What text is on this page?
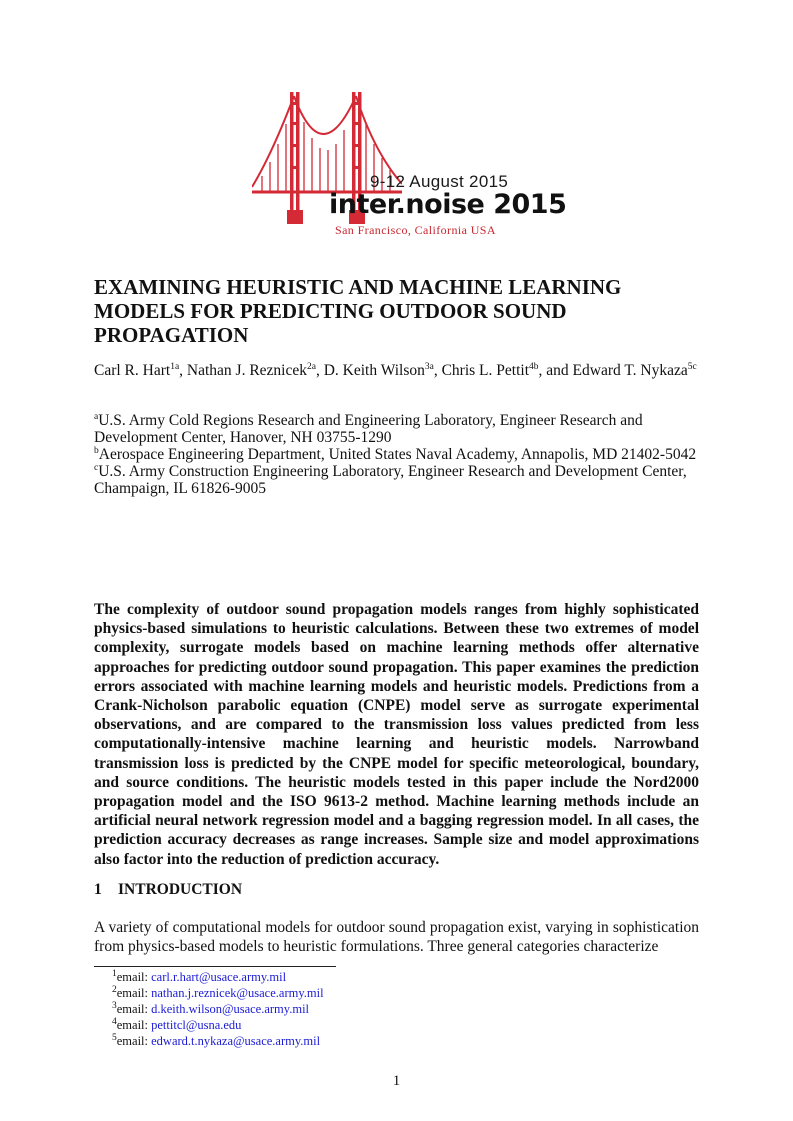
9-12 August 2015
inter.noise 2015
San Francisco, California USA
EXAMINING HEURISTIC AND MACHINE LEARNING MODELS FOR PREDICTING OUTDOOR SOUND PROPAGATION
Carl R. Hart$^{1a}$, Nathan J. Reznicek$^{2a}$, D. Keith Wilson$^{3a}$, Chris L. Pettit$^{4b}$, and Edward T. Nykaza$^{5c}$
$^a$U.S. Army Cold Regions Research and Engineering Laboratory, Engineer Research and Development Center, Hanover, NH 03755-1290
$^b$Aerospace Engineering Department, United States Naval Academy, Annapolis, MD 21402-5042
$^c$U.S. Army Construction Engineering Laboratory, Engineer Research and Development Center, Champaign, IL 61826-9005
The complexity of outdoor sound propagation models ranges from highly sophisticated physics-based simulations to heuristic calculations. Between these two extremes of model complexity, surrogate models based on machine learning methods offer alternative approaches for predicting outdoor sound propagation. This paper examines the prediction errors associated with machine learning models and heuristic models. Predictions from a Crank-Nicholson parabolic equation (CNPE) model serve as surrogate experimental observations, and are compared to the transmission loss values predicted from less computationally-intensive machine learning and heuristic models. Narrowband transmission loss is predicted by the CNPE model for specific meteorological, boundary, and source conditions. The heuristic models tested in this paper include the Nord2000 propagation model and the ISO 9613-2 method. Machine learning methods include an artificial neural network regression model and a bagging regression model. In all cases, the prediction accuracy decreases as range increases. Sample size and model approximations also factor into the reduction of prediction accuracy.
1 INTRODUCTION
A variety of computational models for outdoor sound propagation exist, varying in sophistication from physics-based models to heuristic formulations. Three general categories characterize
$^1$email: carl.r.hart@usace.army.mil
$^2$email: nathan.j.reznicek@usace.army.mil
$^3$email: d.keith.wilson@usace.army.mil
$^4$email: pettitcl@usna.edu
$^5$email: edward.t.nykaza@usace.army.mil
1
